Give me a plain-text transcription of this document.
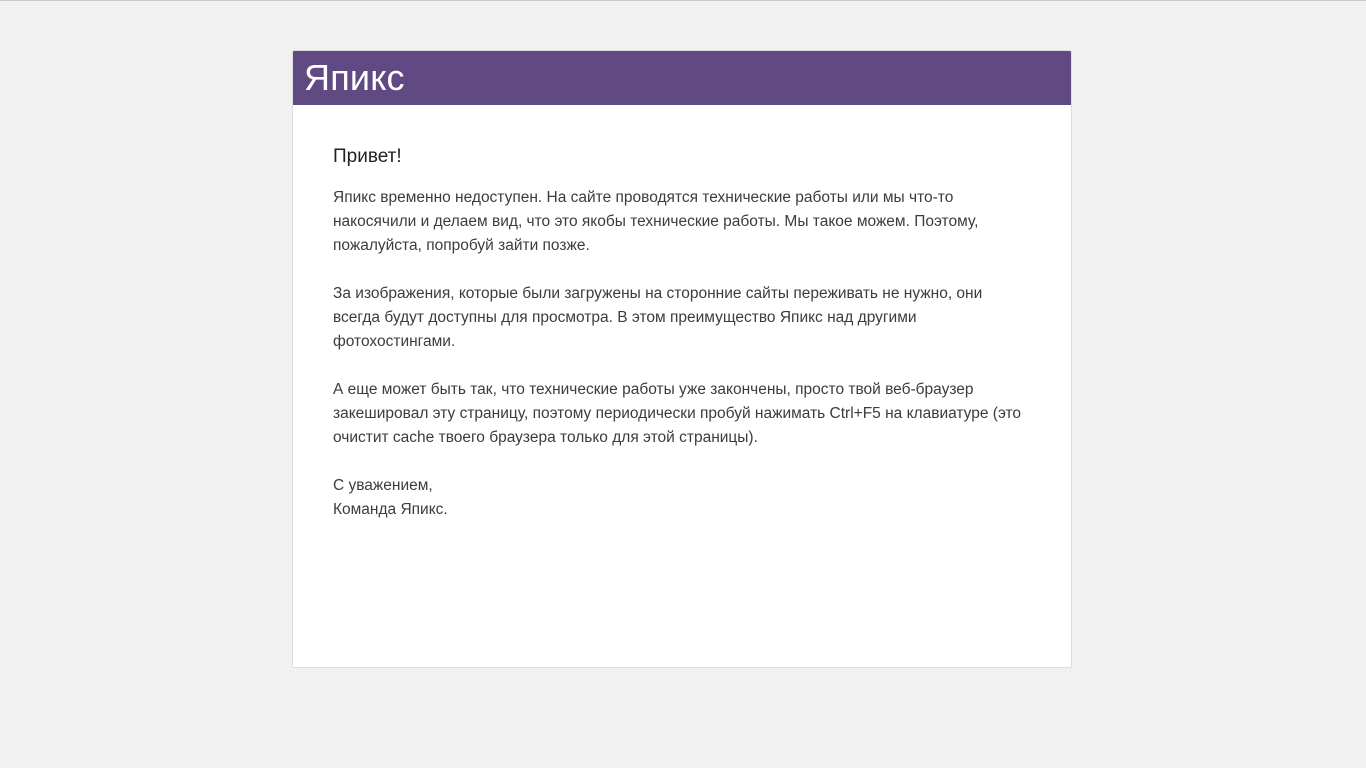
Япикс
Привет!

Япикс временно недоступен. На сайте проводятся технические работы или мы что-то накосячили и делаем вид, что это якобы технические работы. Мы такое можем. Поэтому, пожалуйста, попробуй зайти позже.

За изображения, которые были загружены на сторонние сайты переживать не нужно, они всегда будут доступны для просмотра. В этом преимущество Япикс над другими фотохостингами.

А еще может быть так, что технические работы уже закончены, просто твой веб-браузер закешировал эту страницу, поэтому периодически пробуй нажимать Ctrl+F5 на клавиатуре (это очистит cache твоего браузера только для этой страницы).

С уважением,
Команда Япикс.
